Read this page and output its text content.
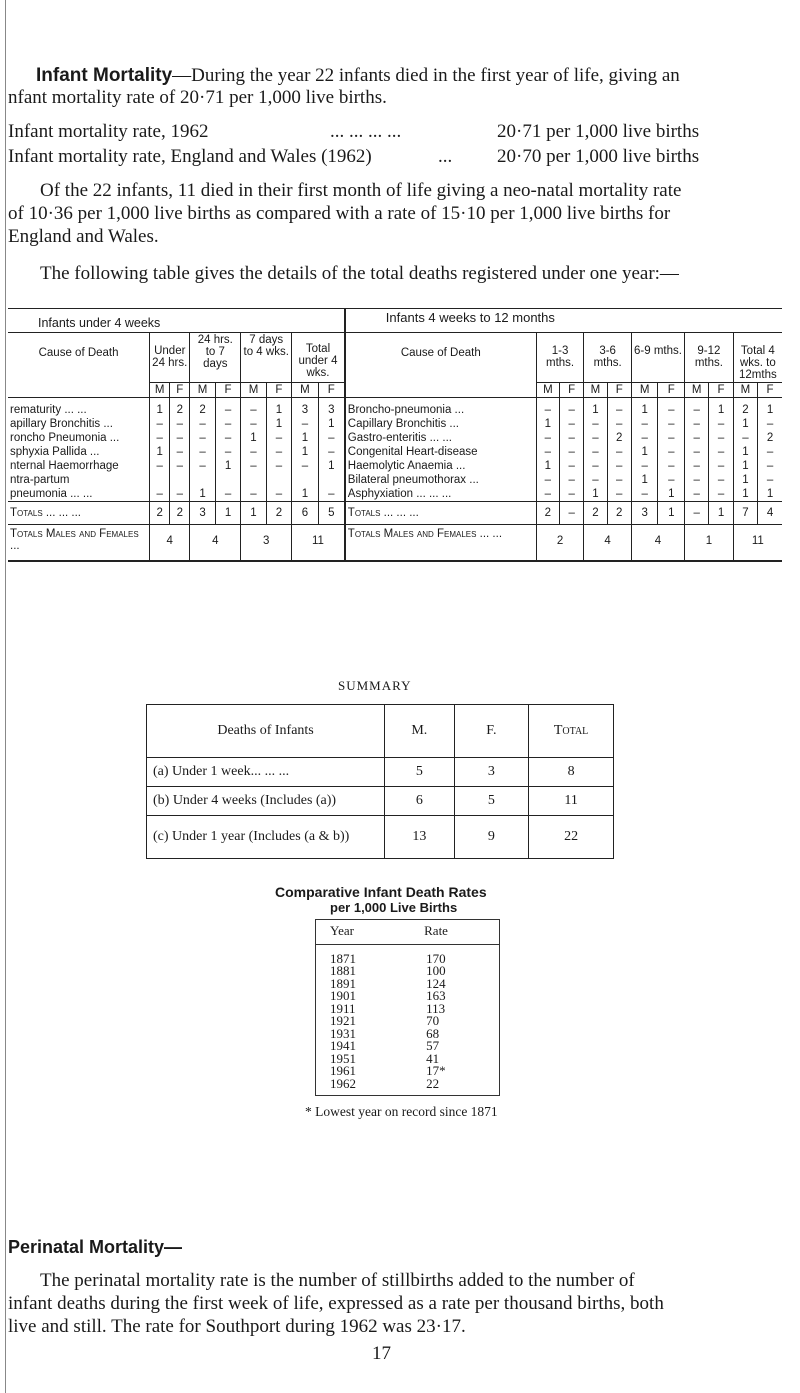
Infant Mortality—During the year 22 infants died in the first year of life, giving an
nfant mortality rate of 20·71 per 1,000 live births.
Infant mortality rate, 1962	... ... ... ...	20·71 per 1,000 live births
Infant mortality rate, England and Wales (1962)	... 20·70 per 1,000 live births
Of the 22 infants, 11 died in their first month of life giving a neo-natal mortality rate
of 10·36 per 1,000 live births as compared with a rate of 15·10 per 1,000 live births for
England and Wales.
The following table gives the details of the total deaths registered under one year:—
Infants under 4 weeks									Infants 4 weeks to 12 months										
Cause of Death	Under 24 hrs.		24 hrs. to 7 days		7 days to 4 wks.		Total under 4 wks.		Cause of Death	1-3 mths.		3-6 mths.		6-9 mths.		9-12 mths.		Total 4 wks. to 12mths	
	M	F	M	F	M	F	M	F		M	F	M	F	M	F	M	F	M	F
rematurity ... ...	1	2	2	–	–	1	3	3	Broncho-pneumonia ...	–	–	1	–	1	–	–	1	2	1
apillary Bronchitis ...	–	–	–	–	–	1	–	1	Capillary Bronchitis ...	1	–	–	–	–	–	–	–	1	–
roncho Pneumonia ...	–	–	–	–	1	–	1	–	Gastro-enteritis ... ...	–	–	–	2	–	–	–	–	–	2
sphyxia Pallida ...	1	–	–	–	–	–	1	–	Congenital Heart-disease	–	–	–	–	1	–	–	–	1	–
nternal Haemorrhage	–	–	–	1	–	–	–	1	Haemolytic Anaemia ...	1	–	–	–	–	–	–	–	1	–
ntra-partum									Bilateral pneumothorax ...	–	–	–	–	1	–	–	–	1	–
pneumonia ... ...	–	–	1	–	–	–	1	–	Asphyxiation ... ... ...	–	–	1	–	–	1	–	–	1	1
Totals ... ... ...	2	2	3	1	1	2	6	5	Totals ... ... ...	2	–	2	2	3	1	–	1	7	4
Totals Males and Females ...	4		4		3		11		Totals Males and Females ... ...	2		4		4		1		11	
SUMMARY
Deaths of Infants	M.	F.	Total
(a) Under 1 week... ... ...	5	3	8
(b) Under 4 weeks (Includes (a))	6	5	11
(c) Under 1 year (Includes (a & b))	13	9	22
Comparative Infant Death Rates
per 1,000 Live Births
Year	Rate
1871	170
1881	100
1891	124
1901	163
1911	113
1921	70
1931	68
1941	57
1951	41
1961	17*
1962	22
* Lowest year on record since 1871
Perinatal Mortality—
The perinatal mortality rate is the number of stillbirths added to the number of
infant deaths during the first week of life, expressed as a rate per thousand births, both
live and still. The rate for Southport during 1962 was 23·17.
17
